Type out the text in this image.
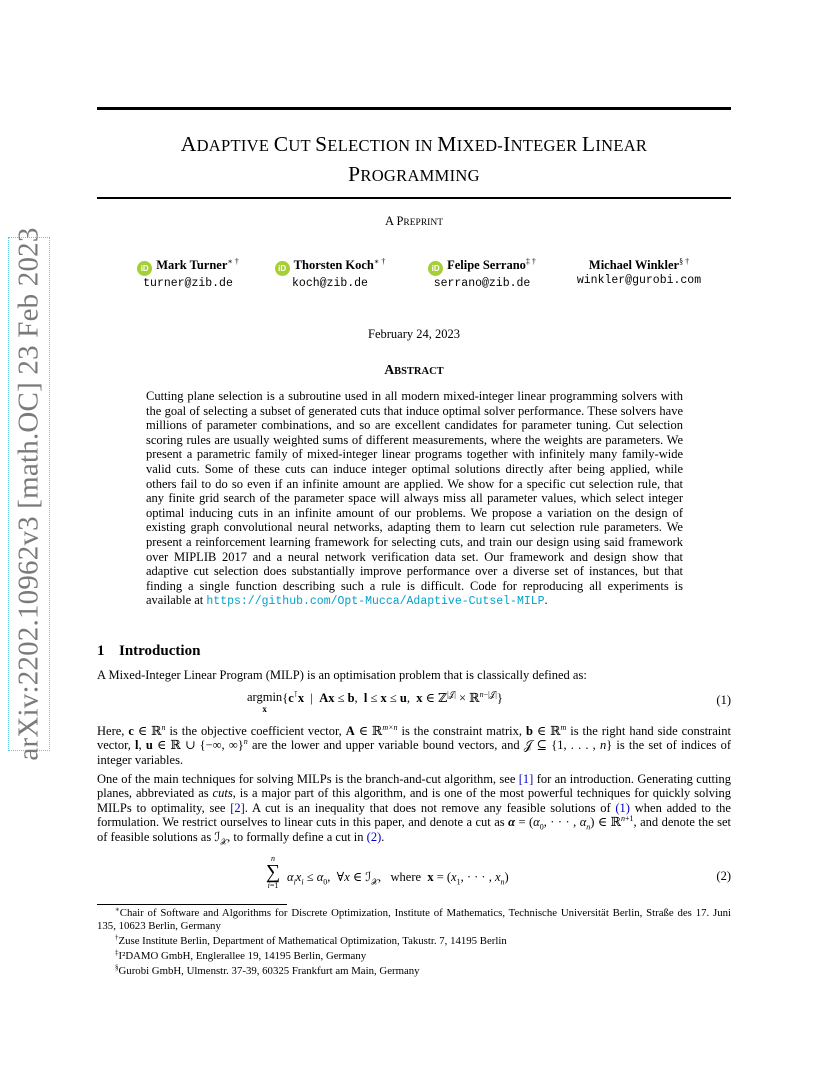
arXiv:2202.10962v3 [math.OC] 23 Feb 2023
ADAPTIVE CUT SELECTION IN MIXED-INTEGER LINEAR
PROGRAMMING
A PREPRINT
iD Mark Turner∗ †
turner@zib.de
iD Thorsten Koch∗ †
koch@zib.de
iD Felipe Serrano‡ †
serrano@zib.de
Michael Winkler§ †
winkler@gurobi.com
February 24, 2023
ABSTRACT
Cutting plane selection is a subroutine used in all modern mixed-integer linear programming solvers with the goal of selecting a subset of generated cuts that induce optimal solver performance. These solvers have millions of parameter combinations, and so are excellent candidates for parameter tuning. Cut selection scoring rules are usually weighted sums of different measurements, where the weights are parameters. We present a parametric family of mixed-integer linear programs together with infinitely many family-wide valid cuts. Some of these cuts can induce integer optimal solutions directly after being applied, while others fail to do so even if an infinite amount are applied. We show for a specific cut selection rule, that any finite grid search of the parameter space will always miss all parameter values, which select integer optimal inducing cuts in an infinite amount of our problems. We propose a variation on the design of existing graph convolutional neural networks, adapting them to learn cut selection rule parameters. We present a reinforcement learning framework for selecting cuts, and train our design using said framework over MIPLIB 2017 and a neural network verification data set. Our framework and design show that adaptive cut selection does substantially improve performance over a diverse set of instances, but that finding a single function describing such a rule is difficult. Code for reproducing all experiments is available at https://github.com/Opt-Mucca/Adaptive-Cutsel-MILP.
1 Introduction
A Mixed-Integer Linear Program (MILP) is an optimisation problem that is classically defined as:
argmin
$^x${c⊺x  |  Ax ≤ b,  l ≤ x ≤ u,  x ∈ ℤ$^{|𝒥|}$ × ℝ$^{n-|𝒥|}$}	(1)
Here, c ∈ ℝ$^n$ is the objective coefficient vector, A ∈ ℝ$^{m\times n}$ is the constraint matrix, b ∈ ℝ$^m$ is the right hand side constraint vector, l, u ∈ ℝ ∪ {−∞, ∞}$^n$ are the lower and upper variable bound vectors, and 𝒥 ⊆ {1, . . . , n} is the set of indices of integer variables.
One of the main techniques for solving MILPs is the branch-and-cut algorithm, see [1] for an introduction. Generating cutting planes, abbreviated as cuts, is a major part of this algorithm, and is one of the most powerful techniques for quickly solving MILPs to optimality, see [2]. A cut is an inequality that does not remove any feasible solutions of (1) when added to the formulation. We restrict ourselves to linear cuts in this paper, and denote a cut as $\alpha = (\alpha_0$, · · · , $\alpha_n$) ∈ ℝ$^{n+1}$, and denote the set of feasible solutions as ℐ$_𝒳$, to formally define a cut in (2).
n
∑
i=1
$\alpha_ix_i \le \alpha_0$,  ∀x ∈ ℐ$_𝒳$,   where $x = (x_1$, · · · , $x_n$)	(2)
∗Chair of Software and Algorithms for Discrete Optimization, Institute of Mathematics, Technische Universität Berlin, Straße des 17. Juni 135, 10623 Berlin, Germany
†Zuse Institute Berlin, Department of Mathematical Optimization, Takustr. 7, 14195 Berlin
‡I²DAMO GmbH, Englerallee 19, 14195 Berlin, Germany
§Gurobi GmbH, Ulmenstr. 37-39, 60325 Frankfurt am Main, Germany
